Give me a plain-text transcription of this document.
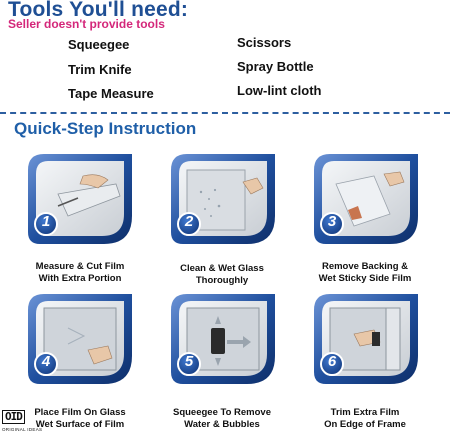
Tools You'll need:
Seller doesn't provide tools
Squeegee
Trim Knife
Tape Measure
Scissors
Spray Bottle
Low-lint cloth
Quick-Step Instruction
1
Measure & Cut Film
With Extra Portion
2
Clean & Wet Glass
Thoroughly
3
Remove Backing &
Wet Sticky Side Film
4
Place Film On Glass
Wet Surface of Film
5
Squeegee To Remove
Water & Bubbles
6
Trim Extra Film
On Edge of Frame
OID
ORIGINAL IDEAS
